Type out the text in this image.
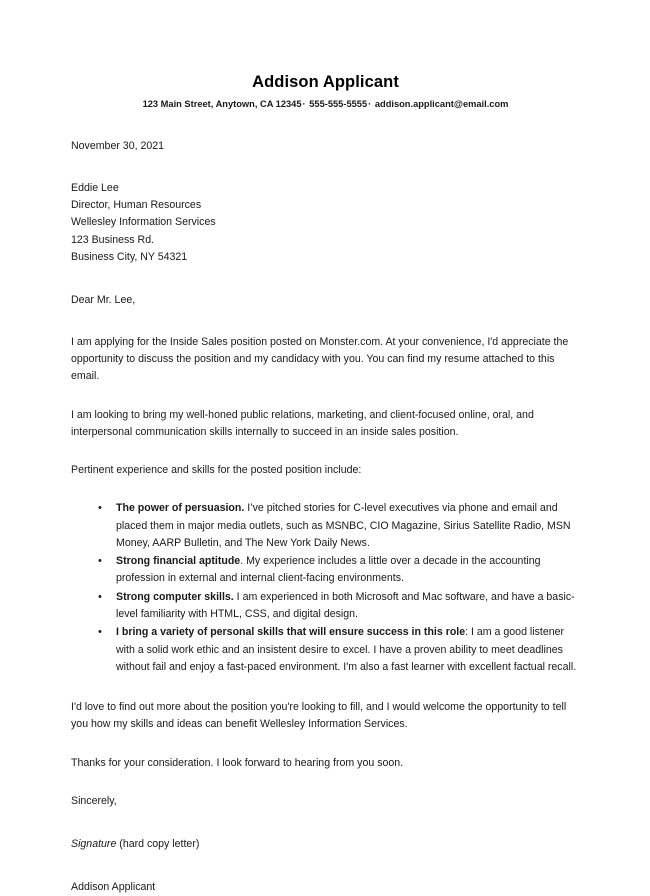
Addison Applicant
123 Main Street, Anytown, CA 12345· 555-555-5555· addison.applicant@email.com
November 30, 2021
Eddie Lee
Director, Human Resources
Wellesley Information Services
123 Business Rd.
Business City, NY 54321
Dear Mr. Lee,

I am applying for the Inside Sales position posted on Monster.com. At your convenience, I'd appreciate the opportunity to discuss the position and my candidacy with you. You can find my resume attached to this email.

I am looking to bring my well-honed public relations, marketing, and client-focused online, oral, and interpersonal communication skills internally to succeed in an inside sales position.

Pertinent experience and skills for the posted position include:

• The power of persuasion. I’ve pitched stories for C-level executives via phone and email and placed them in major media outlets, such as MSNBC, CIO Magazine, Sirius Satellite Radio, MSN Money, AARP Bulletin, and The New York Daily News.
• Strong financial aptitude. My experience includes a little over a decade in the accounting profession in external and internal client-facing environments.
• Strong computer skills. I am experienced in both Microsoft and Mac software, and have a basic-level familiarity with HTML, CSS, and digital design.
• I bring a variety of personal skills that will ensure success in this role: I am a good listener with a solid work ethic and an insistent desire to excel. I have a proven ability to meet deadlines without fail and enjoy a fast-paced environment. I'm also a fast learner with excellent factual recall.

I'd love to find out more about the position you're looking to fill, and I would welcome the opportunity to tell you how my skills and ideas can benefit Wellesley Information Services.

Thanks for your consideration. I look forward to hearing from you soon.

Sincerely,
Signature (hard copy letter)
Addison Applicant
